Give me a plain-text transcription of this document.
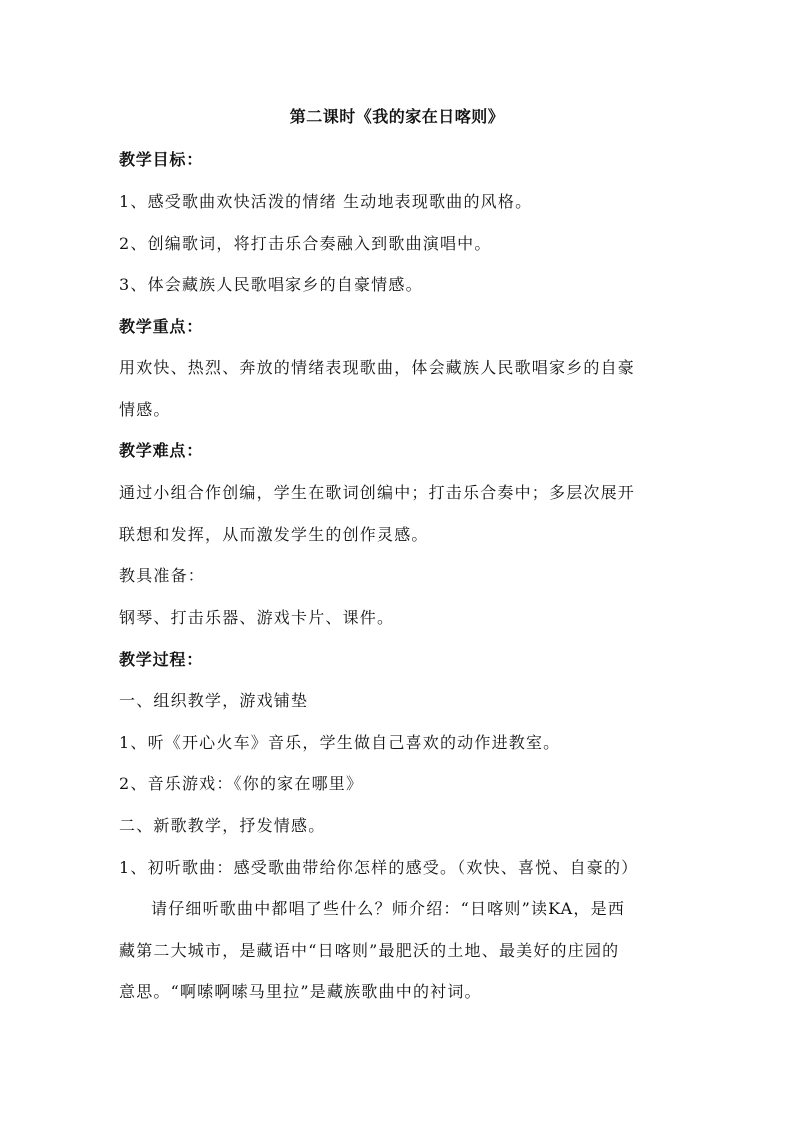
第二课时《我的家在日喀则》
教学目标：
1、感受歌曲欢快活泼的情绪 生动地表现歌曲的风格。
2、创编歌词，将打击乐合奏融入到歌曲演唱中。
3、体会藏族人民歌唱家乡的自豪情感。
教学重点：
用欢快、热烈、奔放的情绪表现歌曲，体会藏族人民歌唱家乡的自豪
情感。
教学难点：
通过小组合作创编，学生在歌词创编中；打击乐合奏中；多层次展开
联想和发挥，从而激发学生的创作灵感。
教具准备：
钢琴、打击乐器、游戏卡片、课件。
教学过程：
一、组织教学，游戏铺垫
1、听《开心火车》音乐，学生做自己喜欢的动作进教室。
2、音乐游戏：《你的家在哪里》
二、新歌教学，抒发情感。
1、初听歌曲：感受歌曲带给你怎样的感受。（欢快、喜悦、自豪的）
请仔细听歌曲中都唱了些什么？师介绍：“日喀则”读KA，是西
藏第二大城市，是藏语中“日喀则”最肥沃的土地、最美好的庄园的
意思。“啊嗦啊嗦马里拉”是藏族歌曲中的衬词。
